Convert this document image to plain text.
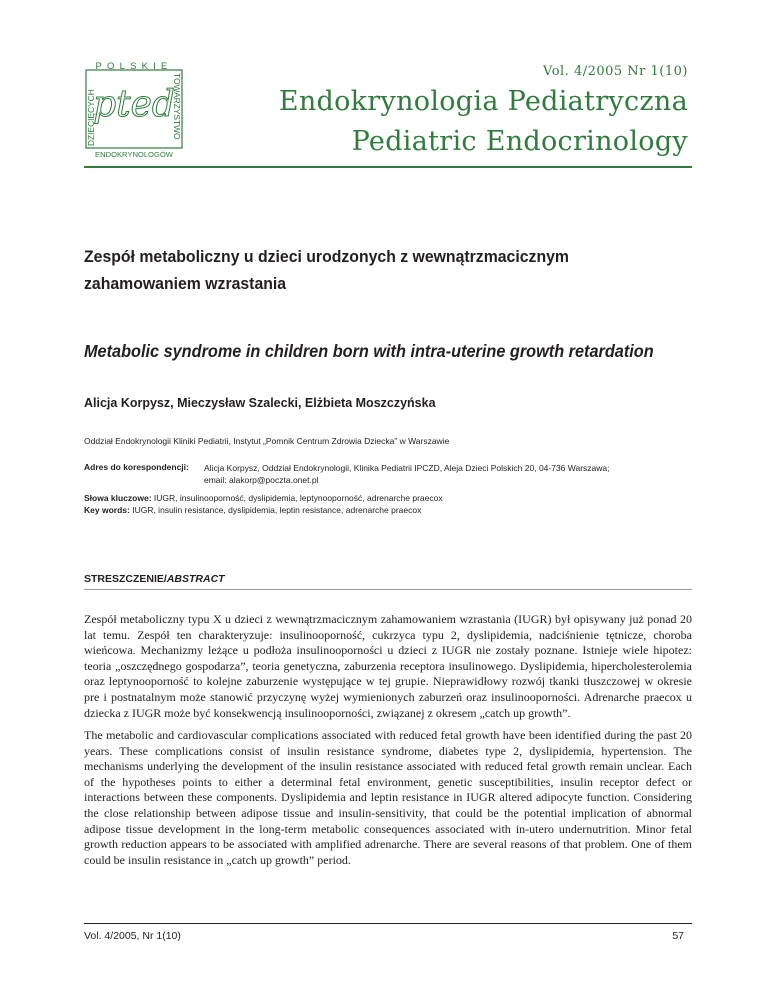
POLSKIE
DZIECIĘCYCH	TOWARZYSTWO
ENDOKRYNOLOGÓW
pted
Vol. 4/2005 Nr 1(10)
Endokrynologia Pediatryczna
Pediatric Endocrinology
Zespół metaboliczny u dzieci urodzonych z wewnątrzmacicznym
zahamowaniem wzrastania
Metabolic syndrome in children born with intra-uterine growth retardation
Alicja Korpysz, Mieczysław Szalecki, Elżbieta Moszczyńska
Oddział Endokrynologii Kliniki Pediatrii, Instytut „Pomnik Centrum Zdrowia Dziecka” w Warszawie
Adres do korespondencji: Alicja Korpysz, Oddział Endokrynologii, Klinika Pediatrii IPCZD, Aleja Dzieci Polskich 20, 04-736 Warszawa;
email: alakorp@poczta.onet.pl
Słowa kluczowe: IUGR, insulinooporność, dyslipidemia, leptynooporność, adrenarche praecox
Key words: IUGR, insulin resistance, dyslipidemia, leptin resistance, adrenarche praecox
STRESZCZENIE/ABSTRACT
Zespół metaboliczny typu X u dzieci z wewnątrzmacicznym zahamowaniem wzrastania (IUGR) był opisywany już ponad 20 lat temu. Zespół ten charakteryzuje: insulinooporność, cukrzyca typu 2, dyslipidemia, nadciśnienie tętnicze, choroba wieńcowa. Mechanizmy leżące u podłoża insulinooporności u dzieci z IUGR nie zostały poznane. Istnieje wiele hipotez: teoria „oszczędnego gospodarza”, teoria genetyczna, zaburzenia receptora insulinowego. Dyslipidemia, hipercholesterolemia oraz leptynooporność to kolejne zaburzenie występujące w tej grupie. Nieprawidłowy rozwój tkanki tłuszczowej w okresie pre i postnatalnym może stanowić przyczynę wyżej wymienionych zaburzeń oraz insulinooporności. Adrenarche praecox u dziecka z IUGR może być konsekwencją insulinooporności, związanej z okresem „catch up growth”.
The metabolic and cardiovascular complications associated with reduced fetal growth have been identified during the past 20 years. These complications consist of insulin resistance syndrome, diabetes type 2, dyslipidemia, hypertension. The mechanisms underlying the development of the insulin resistance associated with reduced fetal growth remain unclear. Each of the hypotheses points to either a determinal fetal environment, genetic susceptibilities, insulin receptor defect or interactions between these components. Dyslipidemia and leptin resistance in IUGR altered adipocyte function. Considering the close relationship between adipose tissue and insulin-sensitivity, that could be the potential implication of abnormal adipose tissue development in the long-term metabolic consequences associated with in-utero undernutrition. Minor fetal growth reduction appears to be associated with amplified adrenarche. There are several reasons of that problem. One of them could be insulin resistance in „catch up growth” period.
Vol. 4/2005, Nr 1(10)	57
